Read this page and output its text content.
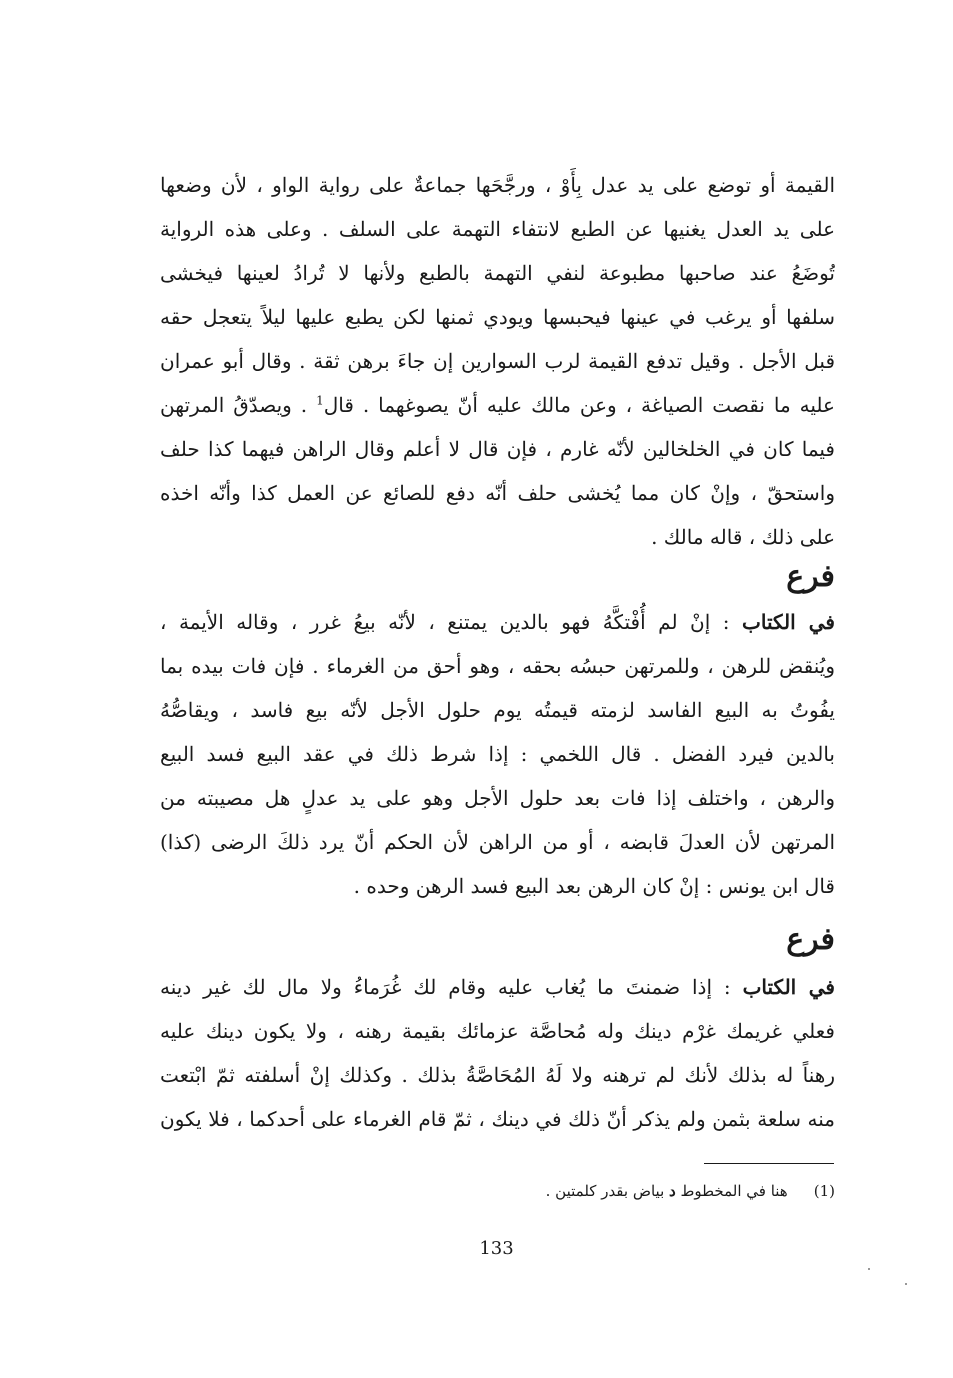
القيمة أو توضع على يد عدل بِأَوْ ، ورجَّحَها جماعةٌ على رواية الواو ، لأن وضعها
على يد العدل يغنيها عن الطبع لانتفاء التهمة على السلف . وعلى هذه الرواية
تُوضَعُ عند صاحبها مطبوعة لنفي التهمة بالطبع ولأنها لا تُرادُ لعينها فيخشى
سلفها أو يرغب في عينها فيحبسها ويودي ثمنها لكن يطبع عليها ليلاً يتعجل حقه
قبل الأجل . وقيل تدفع القيمة لرب السوارين إن جاءَ برهن ثقة . وقال أبو عمران
عليه ما نقصت الصياغة ، وعن مالك عليه أنّ يصوغهما . قال$^1$ . ويصدّقُ المرتهن
فيما كان في الخلخالين لأنّه غارم ، فإن قال لا أعلم وقال الراهن فيهما كذا حلف
واستحقّ ، وإنْ كان مما يُخشى حلف أنّه دفع للصائع عن العمل كذا وأنّه اخذه
على ذلك ، قاله مالك .
فرع
في الكتاب : إنْ لم أُفْتكَّهُ فهو بالدين يمتنع ، لأنّه بيعُ غرر ، وقاله الأيمة ،
ويُنقض للرهن ، وللمرتهن حبسُه بحقه ، وهو أحق من الغرماء . فإن فات بيده بما
يفُوتُ به البيع الفاسد لزمته قيمتُه يوم حلول الأجل لأنّه بيع فاسد ، ويقاصُّهُ
بالدين فيرد الفضل . قال اللخمي : إذا شرط ذلك في عقد البيع فسد البيع
والرهن ، واختلف إذا فات بعد حلول الأجل وهو على يد عدلٍ هل مصيبته من
المرتهن لأن العدلَ قابضه ، أو من الراهن لأن الحكم أنّ يرد ذلكَ الرضى (كذا)
قال ابن يونس : إنْ كان الرهن بعد البيع فسد الرهن وحده .
فرع
في الكتاب : إذا ضمنتَ ما يُغاب عليه وقام لك غُرَماءُ ولا مال لك غير دينه
فعلي غريمك غرْم دينك وله مُحاصَّة عزمائك بقيمة رهنه ، ولا يكون دينك عليه
رهناً له بذلك لأنك لم ترهنه ولا لَهُ المُحَاصَّةُ بذلك . وكذلك إنْ أسلفته ثمّ ابْتعت
منه سلعة بثمن ولم يذكر أنّ ذلك في دينك ، ثمّ قام الغرماء على أحدكما ، فلا يكون
(1)هنا في المخطوط د بياض بقدر كلمتين .
133
